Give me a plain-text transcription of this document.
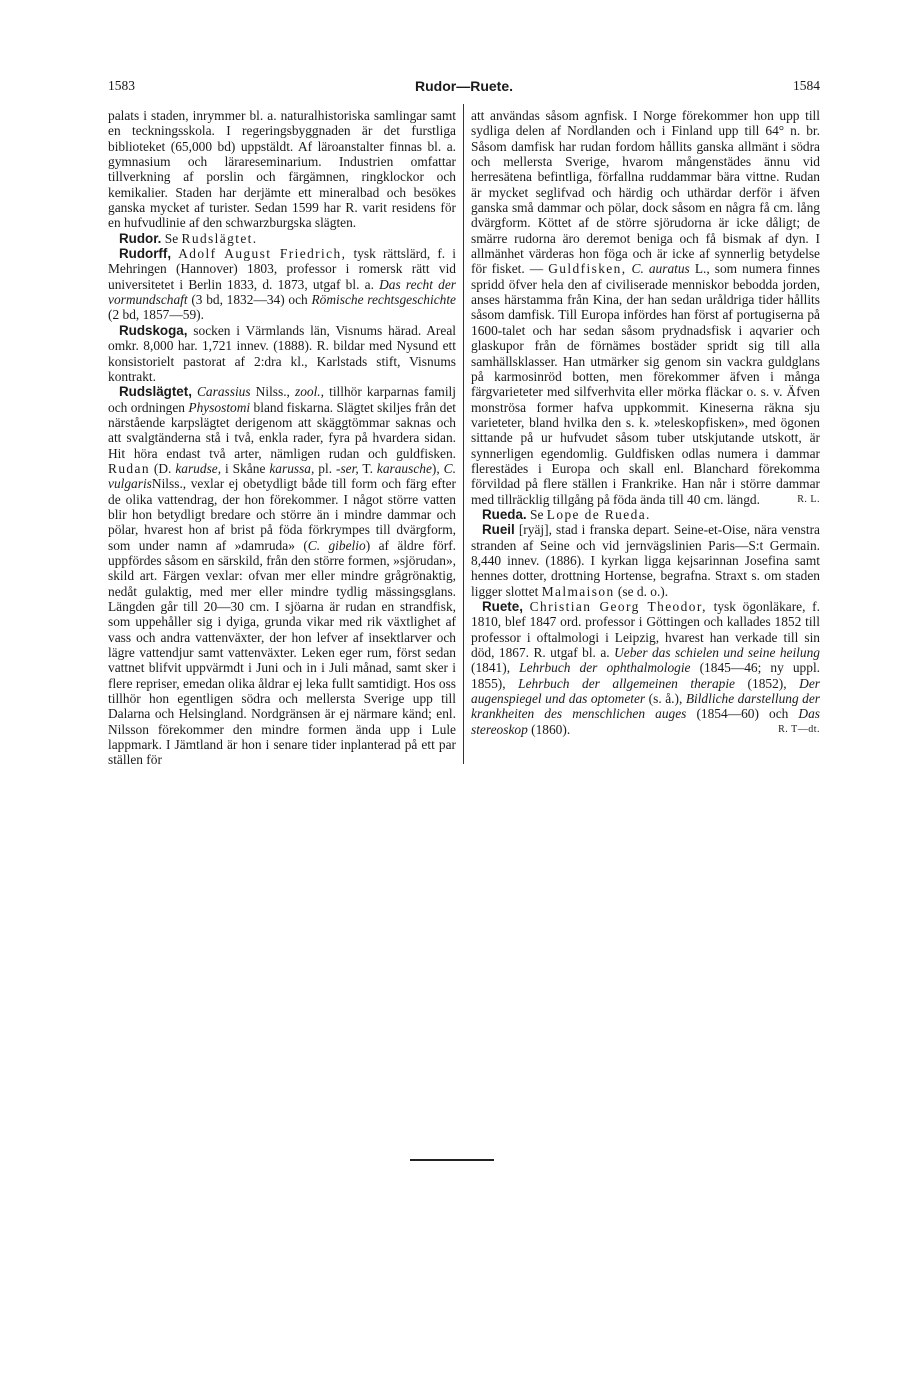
1583	Rudor—Ruete.	1584

palats i staden, inrymmer bl. a. naturalhistoriska samlingar samt en teckningsskola. I regeringsbyggnaden är det furstliga biblioteket (65,000 bd) uppstäldt. Af läroanstalter finnas bl. a. gymnasium och lärareseminarium. Industrien omfattar tillverkning af porslin och färgämnen, ringklockor och kemikalier. Staden har derjämte ett mineralbad och besökes ganska mycket af turister. Sedan 1599 har R. varit residens för en hufvudlinie af den schwarzburgska slägten.

Rudor. Se Rudslägtet.

Rudorff, Adolf August Friedrich, tysk rättslärd, f. i Mehringen (Hannover) 1803, professor i romersk rätt vid universitetet i Berlin 1833, d. 1873, utgaf bl. a. Das recht der vormundschaft (3 bd, 1832—34) och Römische rechtsgeschichte (2 bd, 1857—59).

Rudskoga, socken i Värmlands län, Visnums härad. Areal omkr. 8,000 har. 1,721 innev. (1888). R. bildar med Nysund ett konsistorielt pastorat af 2:dra kl., Karlstads stift, Visnums kontrakt.

Rudslägtet, Carassius Nilss., zool., tillhör karparnas familj och ordningen Physostomi bland fiskarna. Slägtet skiljes från det närstående karpslägtet derigenom att skäggtömmar saknas och att svalgtänderna stå i två, enkla rader, fyra på hvardera sidan. Hit höra endast två arter, nämligen rudan och guldfisken. Rudan (D. karudse, i Skåne karussa, pl. -ser, T. karausche), C. vulgarisNilss., vexlar ej obetydligt både till form och färg efter de olika vattendrag, der hon förekommer. I något större vatten blir hon betydligt bredare och större än i mindre dammar och pölar, hvarest hon af brist på föda förkrympes till dvärgform, som under namn af »damruda» (C. gibelio) af äldre förf. uppfördes såsom en särskild, från den större formen, »sjörudan», skild art. Färgen vexlar: ofvan mer eller mindre grågrönaktig, nedåt gulaktig, med mer eller mindre tydlig mässingsglans. Längden går till 20—30 cm. I sjöarna är rudan en strandfisk, som uppehåller sig i dyiga, grunda vikar med rik växtlighet af vass och andra vattenväxter, der hon lefver af insektlarver och lägre vattendjur samt vattenväxter. Leken eger rum, först sedan vattnet blifvit uppvärmdt i Juni och in i Juli månad, samt sker i flere repriser, emedan olika åldrar ej leka fullt samtidigt. Hos oss tillhör hon egentligen södra och mellersta Sverige upp till Dalarna och Helsingland. Nordgränsen är ej närmare känd; enl. Nilsson förekommer den mindre formen ända upp i Lule lappmark. I Jämtland är hon i senare tider inplanterad på ett par ställen för

att användas såsom agnfisk. I Norge förekommer hon upp till sydliga delen af Nordlanden och i Finland upp till 64° n. br. Såsom damfisk har rudan fordom hållits ganska allmänt i södra och mellersta Sverige, hvarom mångenstädes ännu vid herresätena befintliga, förfallna ruddammar bära vittne. Rudan är mycket seglifvad och härdig och uthärdar derför i äfven ganska små dammar och pölar, dock såsom en några få cm. lång dvärgform. Köttet af de större sjörudorna är icke dåligt; de smärre rudorna äro deremot beniga och få bismak af dyn. I allmänhet värderas hon föga och är icke af synnerlig betydelse för fisket. — Guldfisken, C. auratus L., som numera finnes spridd öfver hela den af civiliserade menniskor bebodda jorden, anses härstamma från Kina, der han sedan uråldriga tider hållits såsom damfisk. Till Europa infördes han först af portugiserna på 1600-talet och har sedan såsom prydnadsfisk i aqvarier och glaskupor från de förnämes bostäder spridt sig till alla samhällsklasser. Han utmärker sig genom sin vackra guldglans på karmosinröd botten, men förekommer äfven i många färgvarieteter med silfverhvita eller mörka fläckar o. s. v. Äfven monströsa former hafva uppkommit. Kineserna räkna sju varieteter, bland hvilka den s. k. »teleskopfisken», med ögonen sittande på ur hufvudet såsom tuber utskjutande utskott, är synnerligen egendomlig. Guldfisken odlas numera i dammar flerestädes i Europa och skall enl. Blanchard förekomma förvildad på flere ställen i Frankrike. Han når i större dammar med tillräcklig tillgång på föda ända till 40 cm. längd.	R. L.

Rueda. Se Lope de Rueda.

Rueil [ryäj], stad i franska depart. Seine-et-Oise, nära venstra stranden af Seine och vid jernvägslinien Paris—S:t Germain. 8,440 innev. (1886). I kyrkan ligga kejsarinnan Josefina samt hennes dotter, drottning Hortense, begrafna. Straxt s. om staden ligger slottet Malmaison (se d. o.).

Ruete, Christian Georg Theodor, tysk ögonläkare, f. 1810, blef 1847 ord. professor i Göttingen och kallades 1852 till professor i oftalmologi i Leipzig, hvarest han verkade till sin död, 1867. R. utgaf bl. a. Ueber das schielen und seine heilung (1841), Lehrbuch der ophthalmologie (1845—46; ny uppl. 1855), Lehrbuch der allgemeinen therapie (1852), Der augenspiegel und das optometer (s. å.), Bildliche darstellung der krankheiten des menschlichen auges (1854—60) och Das stereoskop (1860).	R. T—dt.
